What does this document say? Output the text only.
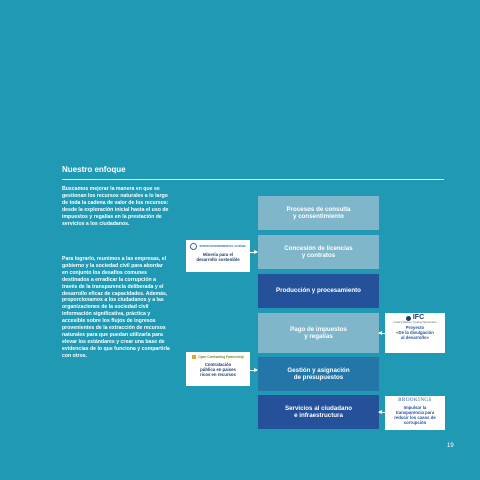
Nuestro enfoque
Buscamos mejorar la manera en que se gestionan los recursos naturales a lo largo de toda la cadena de valor de los recursos: desde la exploración inicial hasta el uso de impuestos y regalías en la prestación de servicios a los ciudadanos.
Para lograrlo, reunimos a las empresas, el gobierno y la sociedad civil para abordar en conjunto los desafíos comunes destinados a erradicar la corrupción a través de la transparencia deliberada y el desarrollo eficaz de capacidades. Además, proporcionamos a los ciudadanos y a las organizaciones de la sociedad civil información significativa, práctica y accesible sobre los flujos de ingresos provenientes de la extracción de recursos naturales para que puedan utilizarla para elevar los estándares y crear una base de evidencias de lo que funciona y compartirla con otros.
Procesos de consulta
y consentimiento
Concesión de licencias
y contratos
Producción y procesamiento
Pago de impuestos
y regalías
Gestión y asignación
de presupuestos
Servicios al ciudadano
e infraestructura
INTERGOVERNMENTAL FORUM
Minería para el
desarrollo sostenible
Open Contracting Partnership
Contratación
pública en países
ricos en recursos
IFC
Creating Markets, Creating Opportunities
Proyecto
«De la divulgación
al desarrollo»
BROOKINGS
Impulsar la
transparencia para
reducir los casos de
corrupción
19
